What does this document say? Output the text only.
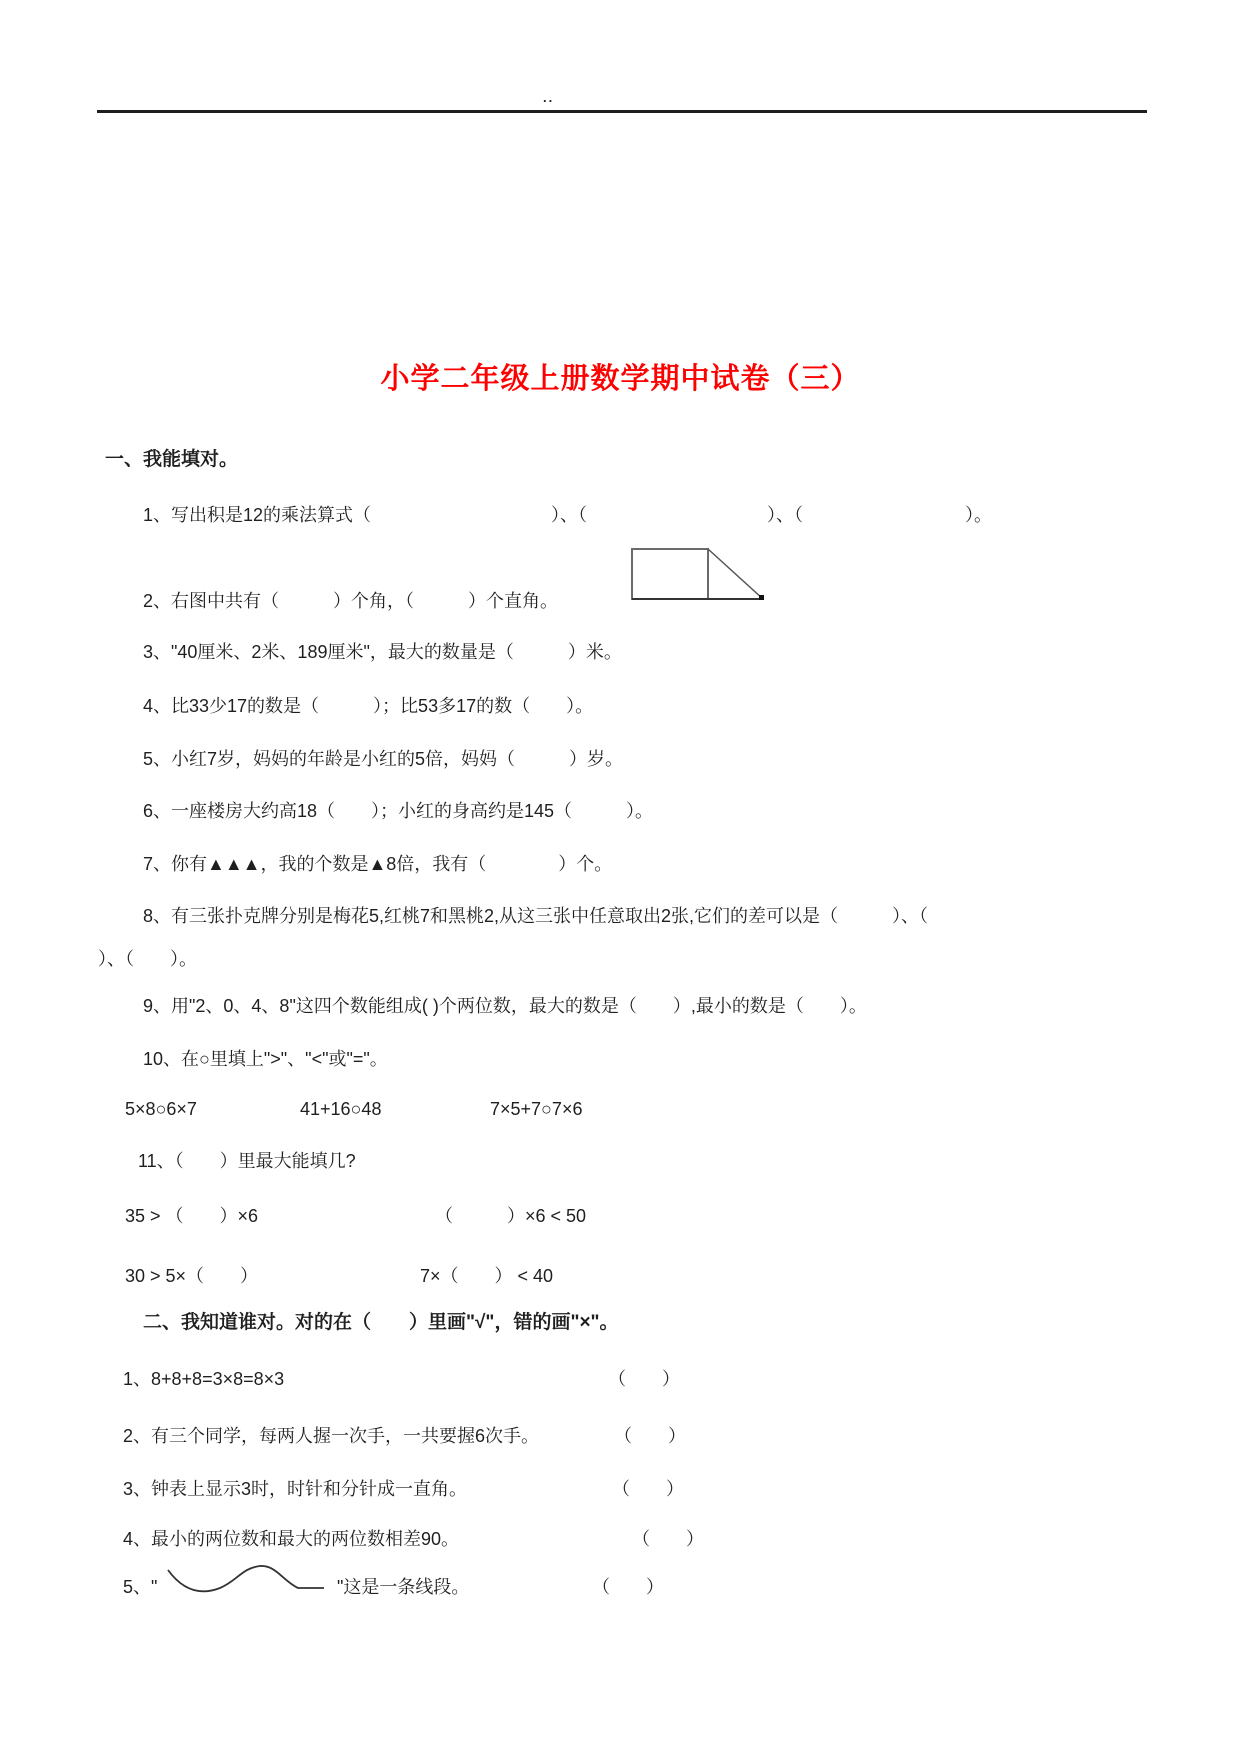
..
小学二年级上册数学期中试卷（三）
一、我能填对。
1、写出积是12的乘法算式（　　　　　　　　　　）、（　　　　　　　　　　）、（　　　　　　　　　）。
2、右图中共有（　　　）个角，（　　　）个直角。
3、"40厘米、2米、189厘米"，最大的数量是（　　　）米。
4、比33少17的数是（　　　）；比53多17的数（　　）。
5、小红7岁，妈妈的年龄是小红的5倍，妈妈（　　　）岁。
6、一座楼房大约高18（　　）；小红的身高约是145（　　　）。
7、你有▲▲▲，我的个数是▲8倍，我有（　　　　）个。
8、有三张扑克牌分别是梅花5,红桃7和黑桃2,从这三张中任意取出2张,它们的差可以是（　　　）、（
）、（　　）。
9、用"2、0、4、8"这四个数能组成( )个两位数，最大的数是（　　）,最小的数是（　　）。
10、在○里填上">"、"<"或"="。
5×8○6×7	41+16○48	7×5+7○7×6
11、（　　）里最大能填几?
35 > （　　）×6	（　　　）×6 < 50
30 > 5×（　　）	7×（　　） < 40
二、我知道谁对。对的在（　　）里画"√"，错的画"×"。
1、8+8+8=3×8=8×3	（　　）
2、有三个同学，每两人握一次手，一共要握6次手。	（　　）
3、钟表上显示3时，时针和分针成一直角。	（　　）
4、最小的两位数和最大的两位数相差90。	（　　）
5、"	"这是一条线段。	（　　）
